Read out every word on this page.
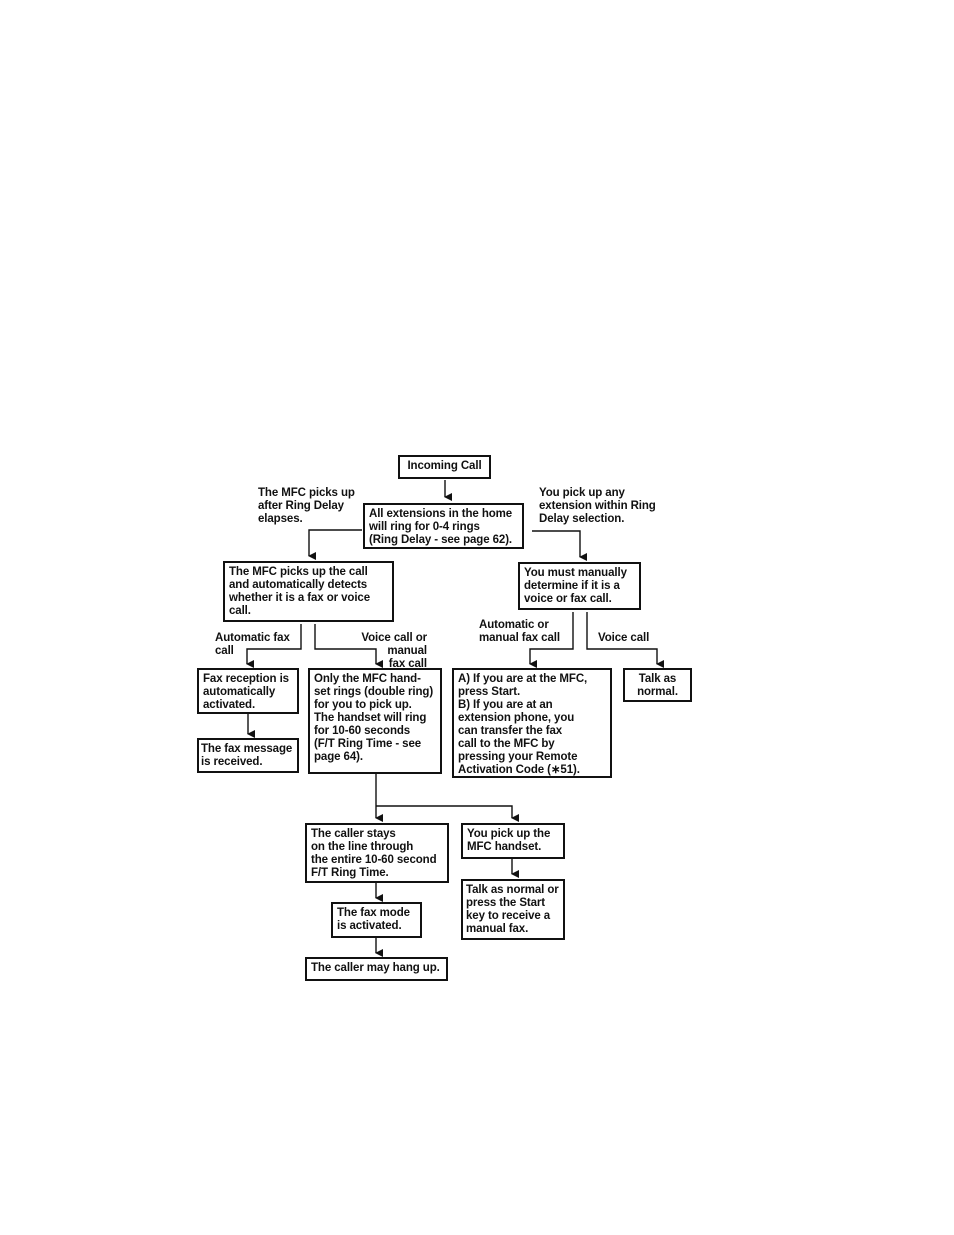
Incoming Call
All extensions in the home
will ring for 0-4 rings
(Ring Delay - see page 62).
The MFC picks up the call
and automatically detects
whether it is a fax or voice
call.
You must manually
determine if it is a
voice or fax call.
Fax reception is
automatically
activated.
The fax message
is received.
Only the MFC hand-
set rings (double ring)
for you to pick up.
The handset will ring
for 10-60 seconds
(F/T Ring Time - see
page 64).
A) If you are at the MFC,
press Start.
B) If you are at an
extension phone, you
can transfer the fax
call to the MFC by
pressing your Remote
Activation Code (∗51).
Talk as
normal.
The caller stays
on the line through
the entire 10-60 second
F/T Ring Time.
You pick up the
MFC handset.
The fax mode
is activated.
Talk as normal or
press the Start
key to receive a
manual fax.
The caller may hang up.
The MFC picks up
after Ring Delay
elapses.
You pick up any
extension within Ring
Delay selection.
Automatic fax
call
Voice call or manual
fax call
Automatic or
manual fax call	Voice call
